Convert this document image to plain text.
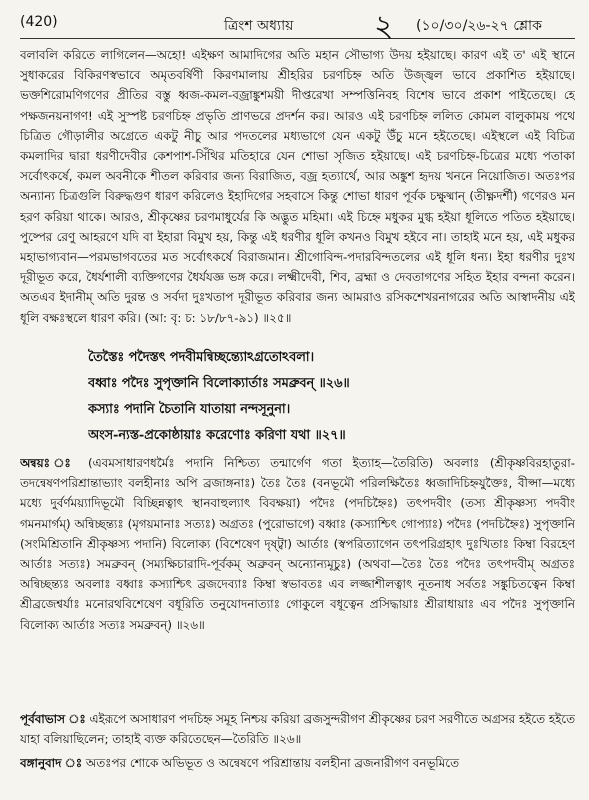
(420)	ত্রিংশ অধ্যায়	২ (১০/৩০/২৬-২৭ শ্লোক

বলাবলি করিতে লাগিলেন—অহো! এইক্ষণ আমাদিগের অতি মহান সৌভাগ্য উদয় হইয়াছে। কারণ এই ত' এই স্থানে সুধাকরের বিকিরণস্বভাবে অমৃতবর্ষিণী কিরণমালায় শ্রীহরির চরণচিহ্ন অতি উজ্জ্বল ভাবে প্রকাশিত হইয়াছে। ভক্তশিরোমণিগণের প্রীতির বস্তু ধ্বজ-কমল-বজ্রাঙ্কুশময়ী দীপ্তরেখা সম্পত্তিনিবহ বিশেষ ভাবে প্রকাশ পাইতেছে। হে পক্ষজনয়নাগণ! এই সুস্পষ্ট চরণচিহ্ন প্রভৃতি প্রাণভরে প্রদর্শন কর। আরও এই চরণচিহ্ন ললিত কোমল বালুকাময় পথে চিত্রিত গৌড়ালীর অগ্রেতে একটু নীচু আর পদতলের মধ্যভাগে যেন একটু উঁচু মনে হইতেছে। এইস্থলে এই বিচিত্র কমলাদির দ্বারা ধরণীদেবীর কেশপাশ-সিঁথির মতিহারে যেন শোভা সৃজিত হইয়াছে। এই চরণচিহ্ন-চিত্রের মধ্যে পতাকা সর্বোৎকর্ষে, কমল অবনীকে শীতল করিবার জন্য বিরাজিত, বজ্র হত্যার্থে, আর অঙ্কুশ হৃদয় খননে নিয়োজিত। অতঃপর অন্যান্য চিত্রগুলি বিরুদ্ধগুণ ধারণ করিলেও ইহাদিগের সহবাসে কিন্তু শোভা ধারণ পূর্বক চক্ষুষ্মান্ (তীক্ষ্ণদর্শী) গণেরও মন হরণ করিয়া থাকে। আরও, শ্রীকৃষ্ণের চরণমাধুর্যের কি অদ্ভুত মহিমা। এই চিহ্নে মধুকর মুগ্ধ হইয়া ধূলিতে পতিত হইয়াছে। পুষ্পের রেণু আহরণে যদি বা ইহারা বিমুখ হয়, কিন্তু এই ধরণীর ধূলি কখনও বিমুখ হইবে না। তাহাই মনে হয়, এই মধুকর মহাভাগ্যবান—পরমভাগবতের মত সর্বোৎকর্ষে বিরাজমান। শ্রীগোবিন্দ-পদারবিন্দতলের এই ধূলি ধন্য। ইহা ধরণীর দুঃখ দূরীভূত করে, ধৈর্যশালী ব্যক্তিগণের ধৈর্যযজ্ঞ ভঙ্গ করে। লক্ষ্মীদেবী, শিব, ব্রহ্মা ও দেবতাগণের সহিত ইহার বন্দনা করেন। অতএব ইদানীম্ অতি দুরন্ত ও সর্বদা দুঃখতাপ দূরীভূত করিবার জন্য আমরাও রসিকশেখরনাগরের অতি আস্বাদনীয় এই ধূলি বক্ষঃস্থলে ধারণ করি। (আ: বৃ: চ: ১৮/৮৭-৯১) ॥২৫॥

তৈস্তৈঃ পদৈস্তৎ পদবীমন্বিচ্ছন্ত্যোঽগ্রতোঽবলা।
বধ্বাঃ পদৈঃ সুপৃক্তানি বিলোক্যার্তাঃ সমব্রুবন্ ॥২৬॥
কস্যাঃ পদানি চৈতানি যাতায়া নন্দসূনুনা।
অংস-ন্যস্ত-প্রকোষ্ঠায়াঃ করেণোঃ করিণা যথা ॥২৭॥

অন্বয়ঃ ঃ (এবমসাধারণধর্মৈঃ পদানি নিশ্চিত্য তন্মার্গেণ গতা ইত্যাহ—তৈরিতি) অবলাঃ (শ্রীকৃষ্ণবিরহাতুরা-তদন্বেষণপরিশ্রান্তাভ্যাং বলহীনাঃ অপি ব্রজাঙ্গনাঃ) তৈঃ তৈঃ (বনভূমৌ পরিলক্ষিতৈঃ ধ্বজাদিচিহ্নযুক্তৈঃ, বীপ্সা—মধ্যে মধ্যে দুর্বর্ণময়্যাদিভূমৌ বিচ্ছিন্নত্বাৎ স্থানবাহুল্যাৎ বিবক্ষয়া) পদৈঃ (পদচিহ্নৈঃ) তৎপদবীং (তস্য শ্রীকৃষ্ণস্য পদবীং গমনমার্গম্) অন্বিচ্ছন্ত্যঃ (মৃগয়মানাঃ সত্যঃ) অগ্রতঃ (পুরোভাগে) বধ্বাঃ (কস্যাশ্চিৎ গোপ্যাঃ) পদৈঃ (পদচিহ্নৈঃ) সুপৃক্তানি (সংমিশ্রিতানি শ্রীকৃষ্ণস্য পদানি) বিলোক্য (বিশেষেণ দৃষ্ট্বা) আর্তাঃ (স্বপরিত্যাগেন তৎপরিগ্রহাৎ দুঃখিতাঃ কিম্বা বিরহেণ আর্তাঃ সত্যঃ) সমব্রুবন্ (সম্যক্ষিচারাদি-পূর্বকম্ অব্রুবন্ অন্যোন্যমূচুঃ) (অথবা—তৈঃ তৈঃ পদৈঃ তৎপদবীম্ অগ্রতঃ অন্বিচ্ছন্ত্যঃ অবলাঃ বধ্বাঃ কস্যাশ্চিৎ ব্রজদেব্যাঃ কিম্বা স্বভাবতঃ এব লজ্জাশীলত্বাৎ নূতনাধ সর্বতঃ সঙ্কুচিতত্বেন কিম্বা শ্রীব্রজেশ্বর্যাঃ মনোরথবিশেষেণ বধূরিতি তনুযোদনাত্যাঃ গোকুলে বধূত্বেন প্রসিদ্ধায়াঃ শ্রীরাধায়াঃ এব পদৈঃ সুপৃক্তানি বিলোক্য আর্তাঃ সত্যঃ সমব্রুবন্) ॥২৬॥

পূর্ববাভাস ঃ এইরূপে অসাধারণ পদচিহ্ন সমূহ নিশ্চয় করিয়া ব্রজসুন্দরীগণ শ্রীকৃষ্ণের চরণ সরণীতে অগ্রসর হইতে হইতে যাহা বলিয়াছিলেন; তাহাই ব্যক্ত করিতেছেন—তৈরিতি ॥২৬॥

বঙ্গানুবাদ ঃ অতঃপর শোকে অভিভূত ও অন্বেষণে পরিশ্রান্তায় বলহীনা ব্রজনারীগণ বনভূমিতে
